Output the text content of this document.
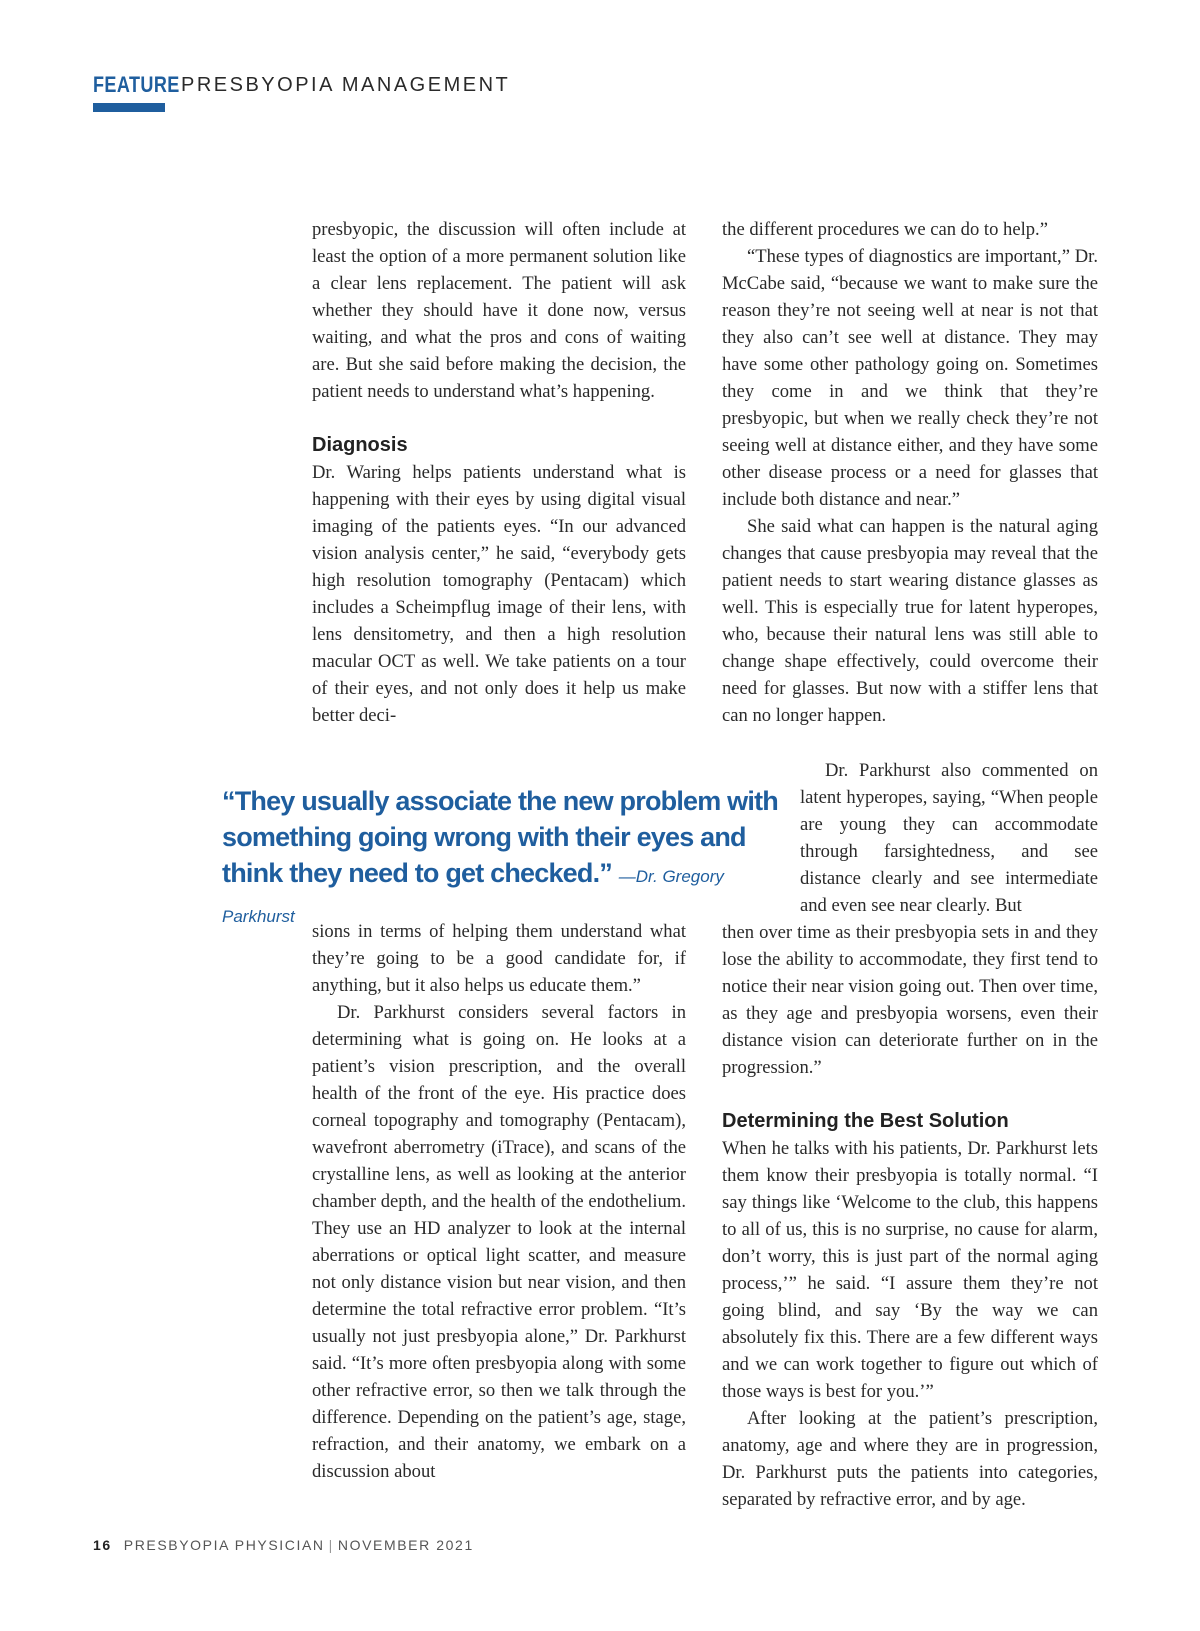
FEATURE PRESBYOPIA MANAGEMENT

presbyopic, the discussion will often include at least the option of a more permanent solution like a clear lens replacement. The patient will ask whether they should have it done now, versus waiting, and what the pros and cons of waiting are. But she said before making the decision, the patient needs to understand what’s happening.

Diagnosis

Dr. Waring helps patients understand what is happening with their eyes by using digital visual imaging of the patients eyes. “In our advanced vision analysis center,” he said, “everybody gets high resolution tomography (Pentacam) which includes a Scheimpflug image of their lens, with lens densitometry, and then a high resolution macular OCT as well. We take patients on a tour of their eyes, and not only does it help us make better deci-

“They usually associate the new problem with something going wrong with their eyes and think they need to get checked.” —Dr. Gregory Parkhurst

sions in terms of helping them understand what they’re going to be a good candidate for, if anything, but it also helps us educate them.”

Dr. Parkhurst considers several factors in determining what is going on. He looks at a patient’s vision prescription, and the overall health of the front of the eye. His practice does corneal topography and tomography (Pentacam), wavefront aberrometry (iTrace), and scans of the crystalline lens, as well as looking at the anterior chamber depth, and the health of the endothelium. They use an HD analyzer to look at the internal aberrations or optical light scatter, and measure not only distance vision but near vision, and then determine the total refractive error problem. “It’s usually not just presbyopia alone,” Dr. Parkhurst said. “It’s more often presbyopia along with some other refractive error, so then we talk through the difference. Depending on the patient’s age, stage, refraction, and their anatomy, we embark on a discussion about

the different procedures we can do to help.”

“These types of diagnostics are important,” Dr. McCabe said, “because we want to make sure the reason they’re not seeing well at near is not that they also can’t see well at distance. They may have some other pathology going on. Sometimes they come in and we think that they’re presbyopic, but when we really check they’re not seeing well at distance either, and they have some other disease process or a need for glasses that include both distance and near.”

She said what can happen is the natural aging changes that cause presbyopia may reveal that the patient needs to start wearing distance glasses as well. This is especially true for latent hyperopes, who, because their natural lens was still able to change shape effectively, could overcome their need for glasses. But now with a stiffer lens that can no longer happen.

Dr. Parkhurst also commented on latent hyperopes, saying, “When people are young they can accommodate through farsightedness, and see distance clearly and see intermediate and even see near clearly. But

then over time as their presbyopia sets in and they lose the ability to accommodate, they first tend to notice their near vision going out. Then over time, as they age and presbyopia worsens, even their distance vision can deteriorate further on in the progression.”

Determining the Best Solution

When he talks with his patients, Dr. Parkhurst lets them know their presbyopia is totally normal. “I say things like ‘Welcome to the club, this happens to all of us, this is no surprise, no cause for alarm, don’t worry, this is just part of the normal aging process,’” he said. “I assure them they’re not going blind, and say ‘By the way we can absolutely fix this. There are a few different ways and we can work together to figure out which of those ways is best for you.’”

After looking at the patient’s prescription, anatomy, age and where they are in progression, Dr. Parkhurst puts the patients into categories, separated by refractive error, and by age.

16 PRESBYOPIA PHYSICIAN | NOVEMBER 2021
